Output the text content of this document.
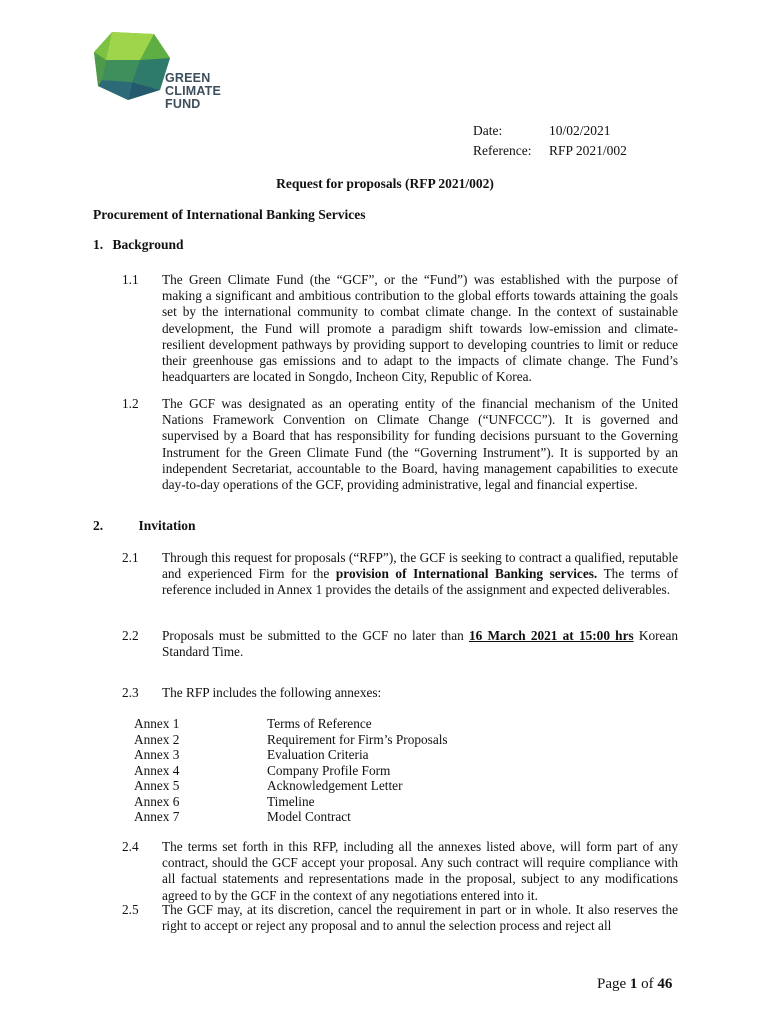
GREEN
CLIMATE
FUND
Date:	10/02/2021
Reference:	RFP 2021/002
Request for proposals (RFP 2021/002)
Procurement of International Banking Services
1. Background
1.1 The Green Climate Fund (the “GCF”, or the “Fund”) was established with the purpose of making a significant and ambitious contribution to the global efforts towards attaining the goals set by the international community to combat climate change. In the context of sustainable development, the Fund will promote a paradigm shift towards low-emission and climate-resilient development pathways by providing support to developing countries to limit or reduce their greenhouse gas emissions and to adapt to the impacts of climate change. The Fund’s headquarters are located in Songdo, Incheon City, Republic of Korea.
1.2 The GCF was designated as an operating entity of the financial mechanism of the United Nations Framework Convention on Climate Change (“UNFCCC”). It is governed and supervised by a Board that has responsibility for funding decisions pursuant to the Governing Instrument for the Green Climate Fund (the “Governing Instrument”). It is supported by an independent Secretariat, accountable to the Board, having management capabilities to execute day-to-day operations of the GCF, providing administrative, legal and financial expertise.
2.	Invitation
2.1 Through this request for proposals (“RFP”), the GCF is seeking to contract a qualified, reputable and experienced Firm for the provision of International Banking services. The terms of reference included in Annex 1 provides the details of the assignment and expected deliverables.
2.2 Proposals must be submitted to the GCF no later than 16 March 2021 at 15:00 hrs Korean Standard Time.
2.3 The RFP includes the following annexes:
Annex 1	Terms of Reference
Annex 2	Requirement for Firm’s Proposals
Annex 3	Evaluation Criteria
Annex 4	Company Profile Form
Annex 5	Acknowledgement Letter
Annex 6	Timeline
Annex 7	Model Contract
2.4 The terms set forth in this RFP, including all the annexes listed above, will form part of any contract, should the GCF accept your proposal. Any such contract will require compliance with all factual statements and representations made in the proposal, subject to any modifications agreed to by the GCF in the context of any negotiations entered into it.
2.5 The GCF may, at its discretion, cancel the requirement in part or in whole. It also reserves the right to accept or reject any proposal and to annul the selection process and reject all
Page 1 of 46
